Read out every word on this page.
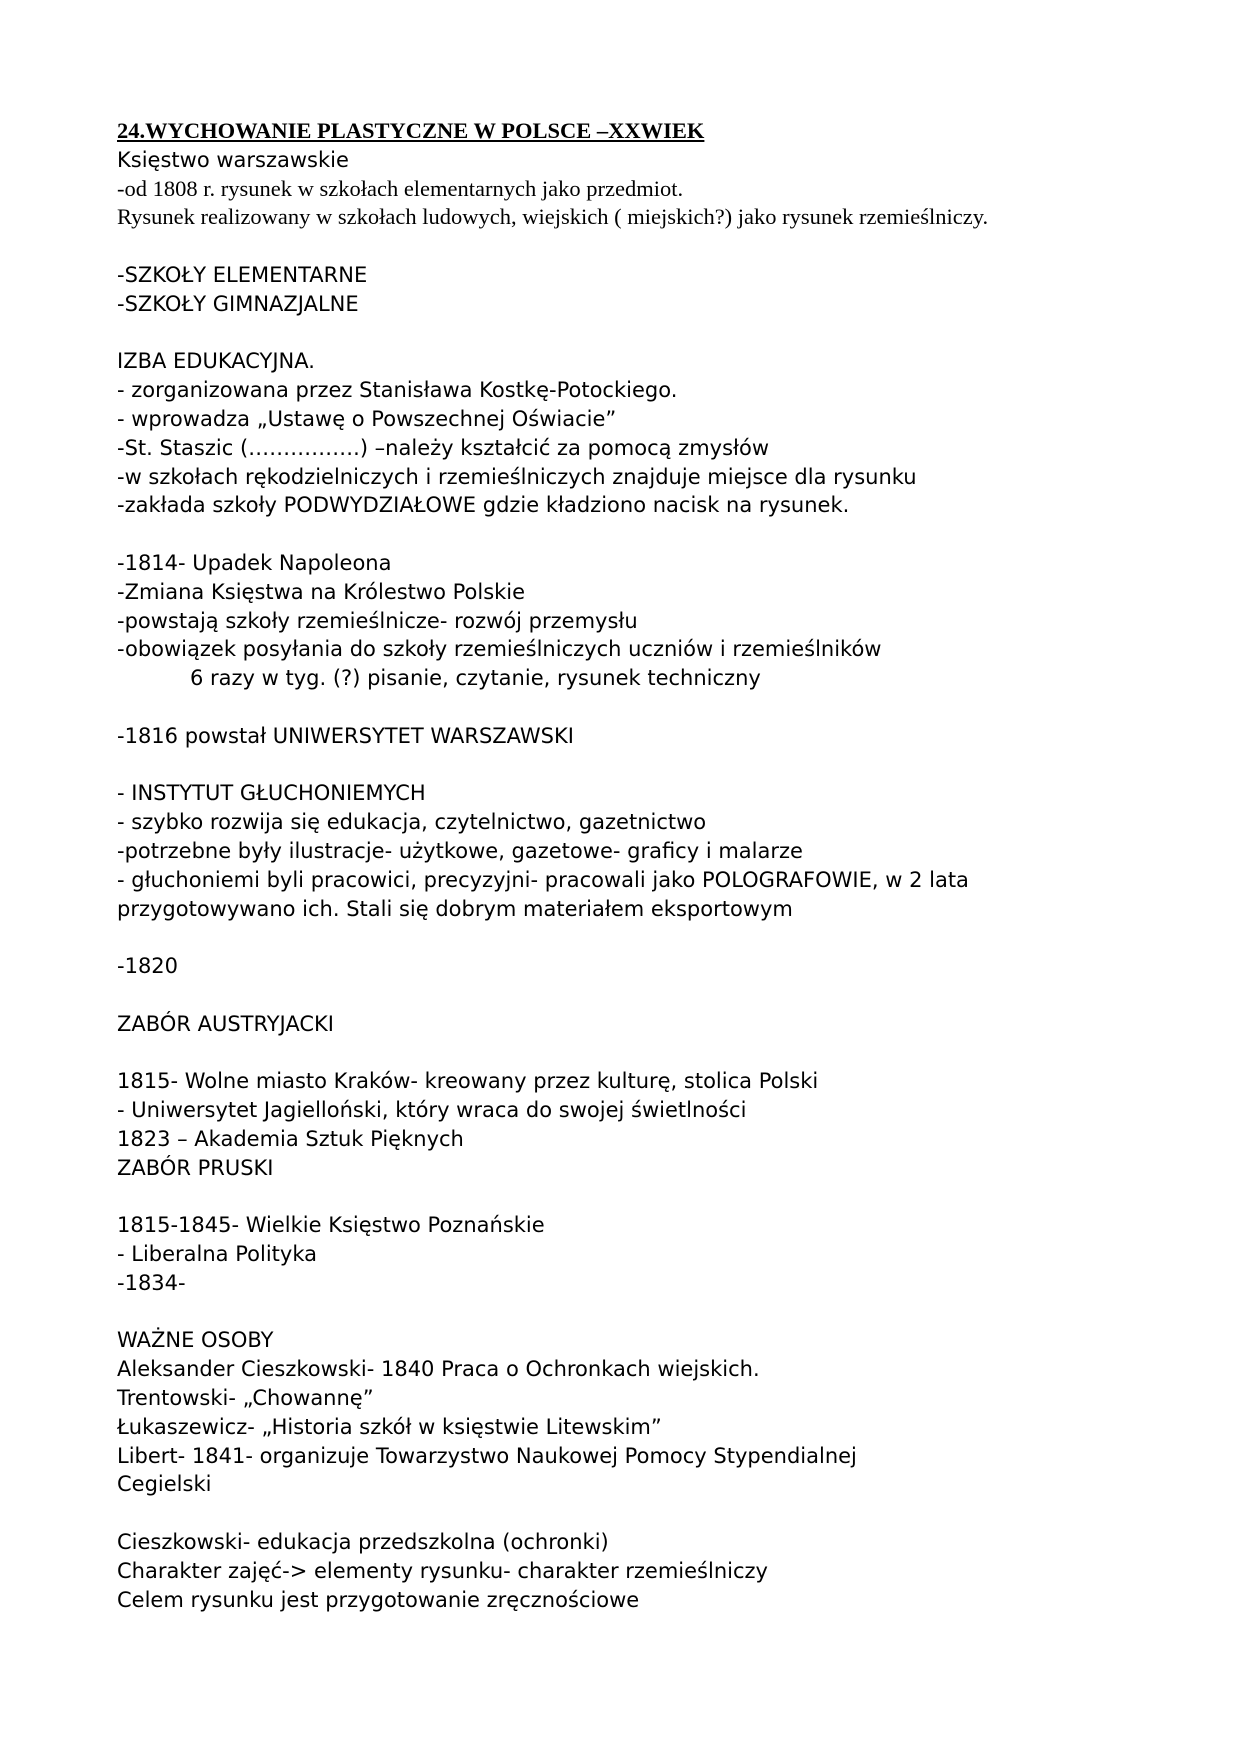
24.WYCHOWANIE PLASTYCZNE W POLSCE –XXWIEK
Księstwo warszawskie
-od 1808 r. rysunek w szkołach elementarnych jako przedmiot.
Rysunek realizowany w szkołach ludowych, wiejskich ( miejskich?) jako rysunek rzemieślniczy.
-SZKOŁY ELEMENTARNE
-SZKOŁY GIMNAZJALNE
IZBA EDUKACYJNA.
- zorganizowana przez Stanisława Kostkę-Potockiego.
- wprowadza „Ustawę o Powszechnej Oświacie”
-St. Staszic (…………….) –należy kształcić za pomocą zmysłów
-w szkołach rękodzielniczych i rzemieślniczych znajduje miejsce dla rysunku
-zakłada szkoły PODWYDZIAŁOWE gdzie kładziono nacisk na rysunek.
-1814- Upadek Napoleona
-Zmiana Księstwa na Królestwo Polskie
-powstają szkoły rzemieślnicze- rozwój przemysłu
-obowiązek posyłania do szkoły rzemieślniczych uczniów i rzemieślników
6 razy w tyg. (?) pisanie, czytanie, rysunek techniczny
-1816 powstał UNIWERSYTET WARSZAWSKI
- INSTYTUT GŁUCHONIEMYCH
- szybko rozwija się edukacja, czytelnictwo, gazetnictwo
-potrzebne były ilustracje- użytkowe, gazetowe- graficy i malarze
- głuchoniemi byli pracowici, precyzyjni- pracowali jako POLOGRAFOWIE, w 2 lata
przygotowywano ich. Stali się dobrym materiałem eksportowym
-1820
ZABÓR AUSTRYJACKI
1815- Wolne miasto Kraków- kreowany przez kulturę, stolica Polski
- Uniwersytet Jagielloński, który wraca do swojej świetlności
1823 – Akademia Sztuk Pięknych
ZABÓR PRUSKI
1815-1845- Wielkie Księstwo Poznańskie
- Liberalna Polityka
-1834-
WAŻNE OSOBY
Aleksander Cieszkowski- 1840 Praca o Ochronkach wiejskich.
Trentowski- „Chowannę”
Łukaszewicz- „Historia szkół w księstwie Litewskim”
Libert- 1841- organizuje Towarzystwo Naukowej Pomocy Stypendialnej
Cegielski
Cieszkowski- edukacja przedszkolna (ochronki)
Charakter zajęć-> elementy rysunku- charakter rzemieślniczy
Celem rysunku jest przygotowanie zręcznościowe
